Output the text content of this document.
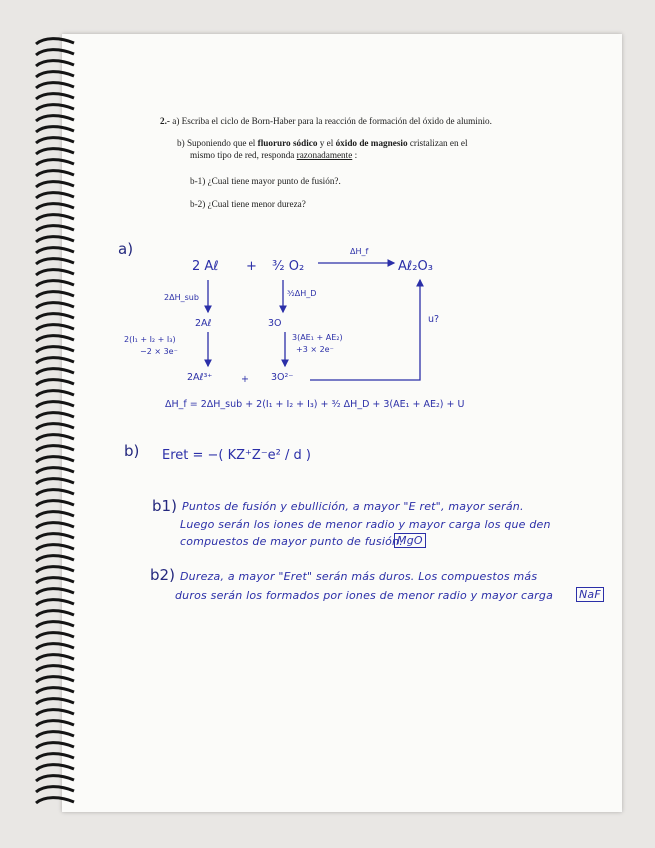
2.- a) Escriba el ciclo de Born-Haber para la reacción de formación del óxido de aluminio.
b) Suponiendo que el fluoruro sódico y el óxido de magnesio cristalizan en el
mismo tipo de red, responda razonadamente :
b-1) ¿Cual tiene mayor punto de fusión?.
b-2) ¿Cual tiene menor dureza?
a)
2 Aℓ + ³⁄₂ O₂
ΔH_f
Aℓ₂O₃
2ΔH_sub	³⁄₂ΔH_D
2Aℓ	3O	u?
2(I₁ + I₂ + I₃)
−2 × 3e⁻
3(AE₁ + AE₂)
+3 × 2e⁻
2Aℓ³⁺	+ 3O²⁻
ΔH_f = 2ΔH_sub + 2(I₁ + I₂ + I₃) + ³⁄₂ ΔH_D + 3(AE₁ + AE₂) + U
b) Eret = −( KZ⁺Z⁻e² / d )
b1) Puntos de fusión y ebullición, a mayor "E ret", mayor serán.
Luego serán los iones de menor radio y mayor carga los que den
compuestos de mayor punto de fusión.
MgO
b2) Dureza, a mayor "Eret" serán más duros. Los compuestos más
duros serán los formados por iones de menor radio y mayor carga NaF
